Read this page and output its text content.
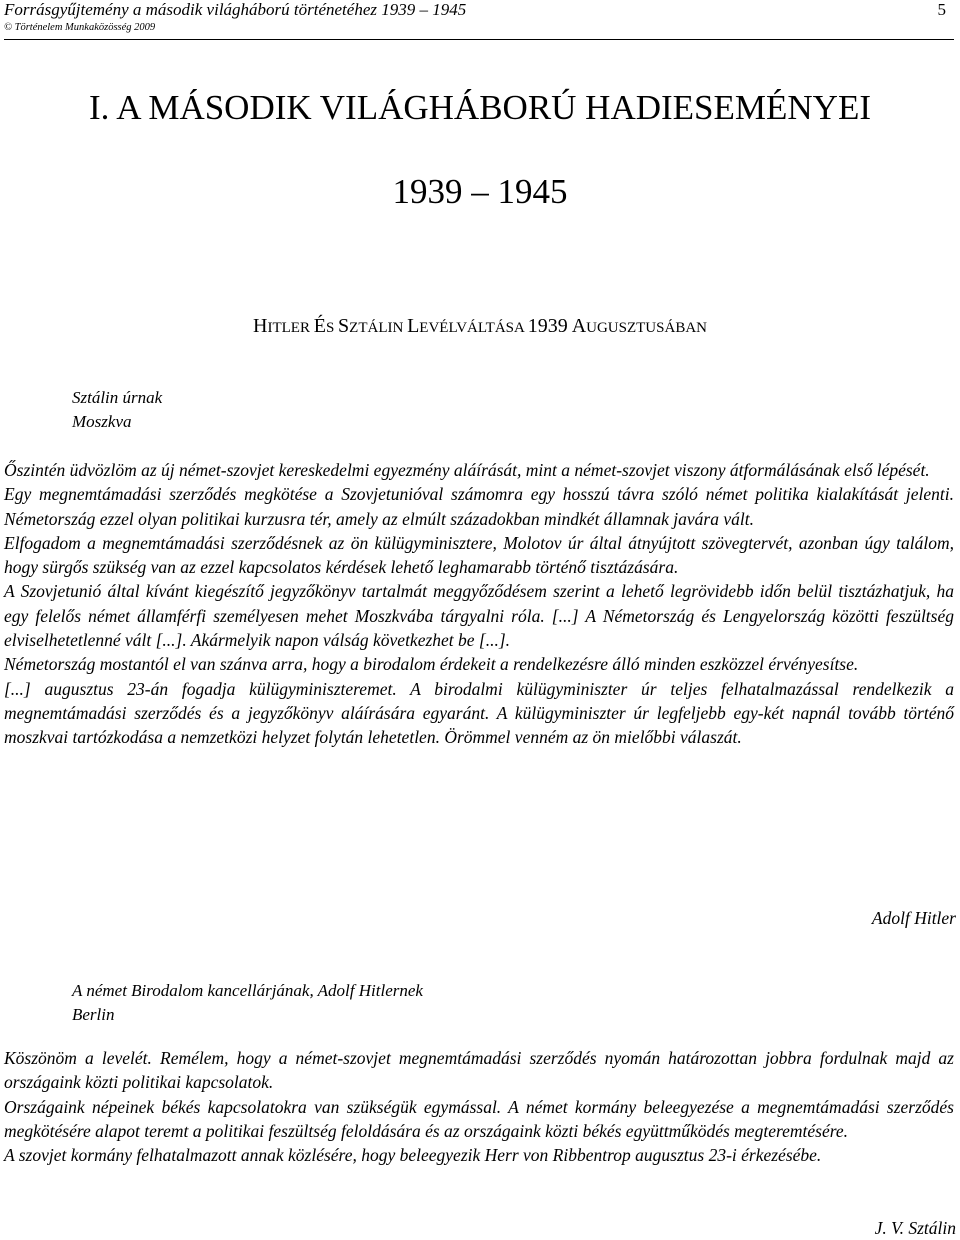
Forrásgyűjtemény a második világháború történetéhez 1939 – 1945
© Történelem Munkaközösség 2009
5
I. A MÁSODIK VILÁGHÁBORÚ HADIESEMÉNYEI
1939 – 1945
HITLER ÉS SZTÁLIN LEVÉLVÁLTÁSA 1939 AUGUSZTUSÁBAN
Sztálin úrnak
Moszkva

Őszintén üdvözlöm az új német-szovjet kereskedelmi egyezmény aláírását, mint a német-szovjet viszony átformálásának első lépését.

Egy megnemtámadási szerződés megkötése a Szovjetunióval számomra egy hosszú távra szóló német politika kialakítását jelenti. Németország ezzel olyan politikai kurzusra tér, amely az elmúlt századokban mindkét államnak javára vált.

Elfogadom a megnemtámadási szerződésnek az ön külügyminisztere, Molotov úr által átnyújtott szövegtervét, azonban úgy találom, hogy sürgős szükség van az ezzel kapcsolatos kérdések lehető leghamarabb történő tisztázására.

A Szovjetunió által kívánt kiegészítő jegyzőkönyv tartalmát meggyőződésem szerint a lehető legrövidebb időn belül tisztázhatjuk, ha egy felelős német államférfi személyesen mehet Moszkvába tárgyalni róla. [...] A Németország és Lengyelország közötti feszültség elviselhetetlenné vált [...]. Akármelyik napon válság következhet be [...].

Németország mostantól el van szánva arra, hogy a birodalom érdekeit a rendelkezésre álló minden eszközzel érvényesítse.

[...] augusztus 23-án fogadja külügyminiszteremet. A birodalmi külügyminiszter úr teljes felhatalmazással rendelkezik a megnemtámadási szerződés és a jegyzőkönyv aláírására egyaránt. A külügyminiszter úr legfeljebb egy-két napnál tovább történő moszkvai tartózkodása a nemzetközi helyzet folytán lehetetlen. Örömmel venném az ön mielőbbi válaszát.

Adolf Hitler
A német Birodalom kancellárjának, Adolf Hitlernek
Berlin

Köszönöm a levelét. Remélem, hogy a német-szovjet megnemtámadási szerződés nyomán határozottan jobbra fordulnak majd az országaink közti politikai kapcsolatok.

Országaink népeinek békés kapcsolatokra van szükségük egymással. A német kormány beleegyezése a megnemtámadási szerződés megkötésére alapot teremt a politikai feszültség feloldására és az országaink közti békés együttműködés megteremtésére.

A szovjet kormány felhatalmazott annak közlésére, hogy beleegyezik Herr von Ribbentrop augusztus 23-i érkezésébe.

J. V. Sztálin
